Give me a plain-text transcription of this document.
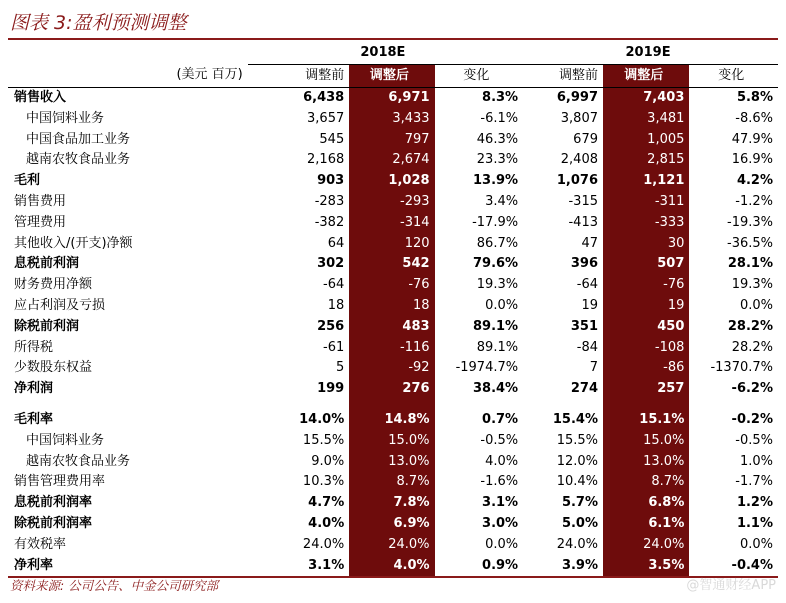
图表 3:盈利预测调整
	2018E			2019E		
(美元 百万)	调整前	调整后	变化	调整前	调整后	变化
销售收入	6,438	6,971	8.3%	6,997	7,403	5.8%
中国饲料业务	3,657	3,433	-6.1%	3,807	3,481	-8.6%
中国食品加工业务	545	797	46.3%	679	1,005	47.9%
越南农牧食品业务	2,168	2,674	23.3%	2,408	2,815	16.9%
毛利	903	1,028	13.9%	1,076	1,121	4.2%
销售费用	-283	-293	3.4%	-315	-311	-1.2%
管理费用	-382	-314	-17.9%	-413	-333	-19.3%
其他收入/(开支)净额	64	120	86.7%	47	30	-36.5%
息税前利润	302	542	79.6%	396	507	28.1%
财务费用净额	-64	-76	19.3%	-64	-76	19.3%
应占利润及亏损	18	18	0.0%	19	19	0.0%
除税前利润	256	483	89.1%	351	450	28.2%
所得税	-61	-116	89.1%	-84	-108	28.2%
少数股东权益	5	-92	-1974.7%	7	-86	-1370.7%
净利润	199	276	38.4%	274	257	-6.2%

毛利率	14.0%	14.8%	0.7%	15.4%	15.1%	-0.2%
中国饲料业务	15.5%	15.0%	-0.5%	15.5%	15.0%	-0.5%
越南农牧食品业务	9.0%	13.0%	4.0%	12.0%	13.0%	1.0%
销售管理费用率	10.3%	8.7%	-1.6%	10.4%	8.7%	-1.7%
息税前利润率	4.7%	7.8%	3.1%	5.7%	6.8%	1.2%
除税前利润率	4.0%	6.9%	3.0%	5.0%	6.1%	1.1%
有效税率	24.0%	24.0%	0.0%	24.0%	24.0%	0.0%
净利率	3.1%	4.0%	0.9%	3.9%	3.5%	-0.4%
资料来源: 公司公告、中金公司研究部	@智通财经APP
